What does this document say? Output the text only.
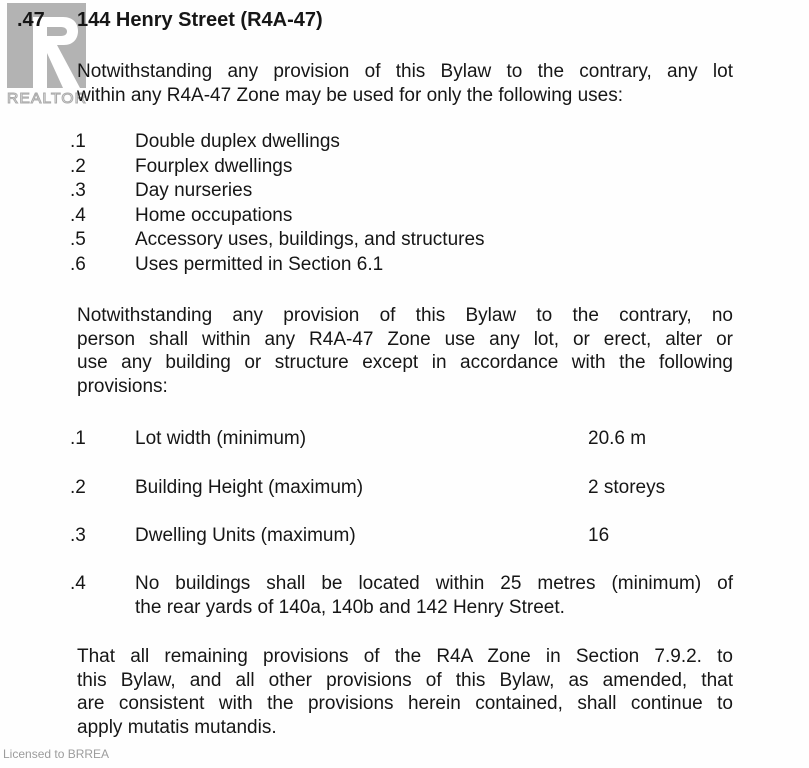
REALTOR
.47 144 Henry Street (R4A-47)
Notwithstanding any provision of this Bylaw to the contrary, any lot
within any R4A-47 Zone may be used for only the following uses:
.1	Double duplex dwellings
.2	Fourplex dwellings
.3	Day nurseries
.4	Home occupations
.5	Accessory uses, buildings, and structures
.6	Uses permitted in Section 6.1
Notwithstanding any provision of this Bylaw to the contrary, no
person shall within any R4A-47 Zone use any lot, or erect, alter or
use any building or structure except in accordance with the following
provisions:
.1	Lot width (minimum)	20.6 m
.2	Building Height (maximum)	2 storeys
.3	Dwelling Units (maximum)	16
.4	No buildings shall be located within 25 metres (minimum) of
the rear yards of 140a, 140b and 142 Henry Street.
That all remaining provisions of the R4A Zone in Section 7.9.2. to
this Bylaw, and all other provisions of this Bylaw, as amended, that
are consistent with the provisions herein contained, shall continue to
apply mutatis mutandis.
Licensed to BRREA
